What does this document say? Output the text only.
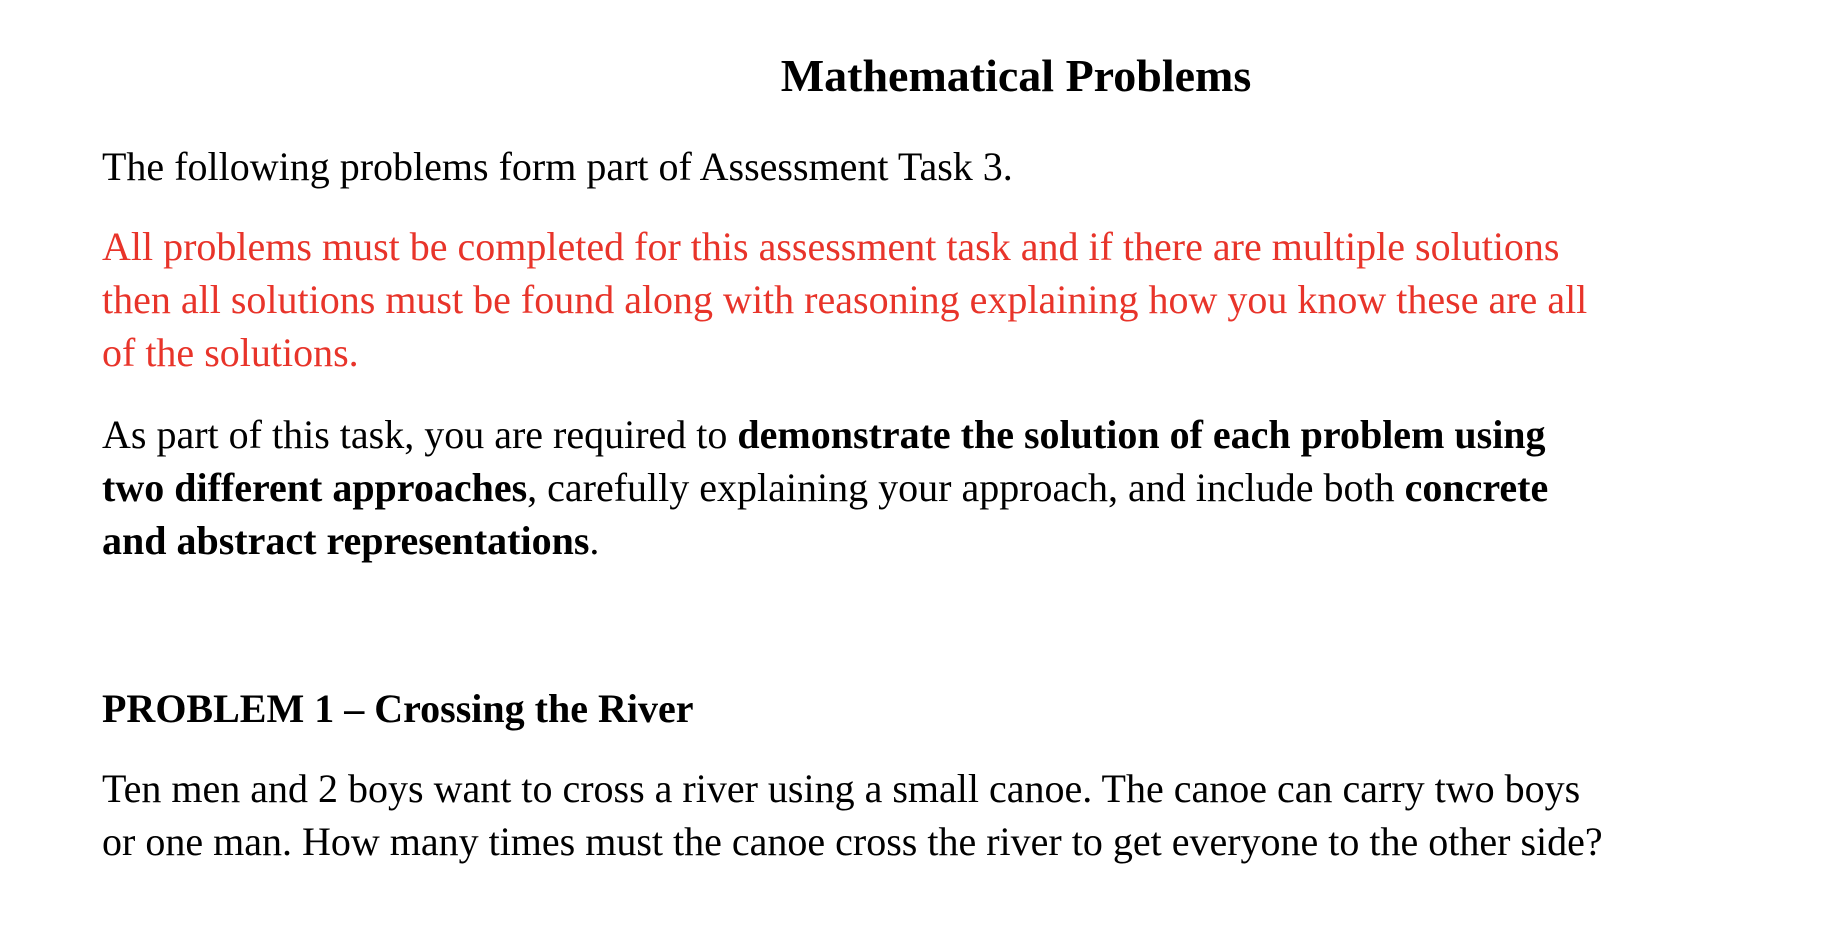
Mathematical Problems

The following problems form part of Assessment Task 3.

All problems must be completed for this assessment task and if there are multiple solutions
then all solutions must be found along with reasoning explaining how you know these are all
of the solutions.

As part of this task, you are required to demonstrate the solution of each problem using
two different approaches, carefully explaining your approach, and include both concrete
and abstract representations.

PROBLEM 1 – Crossing the River

Ten men and 2 boys want to cross a river using a small canoe. The canoe can carry two boys
or one man. How many times must the canoe cross the river to get everyone to the other side?
